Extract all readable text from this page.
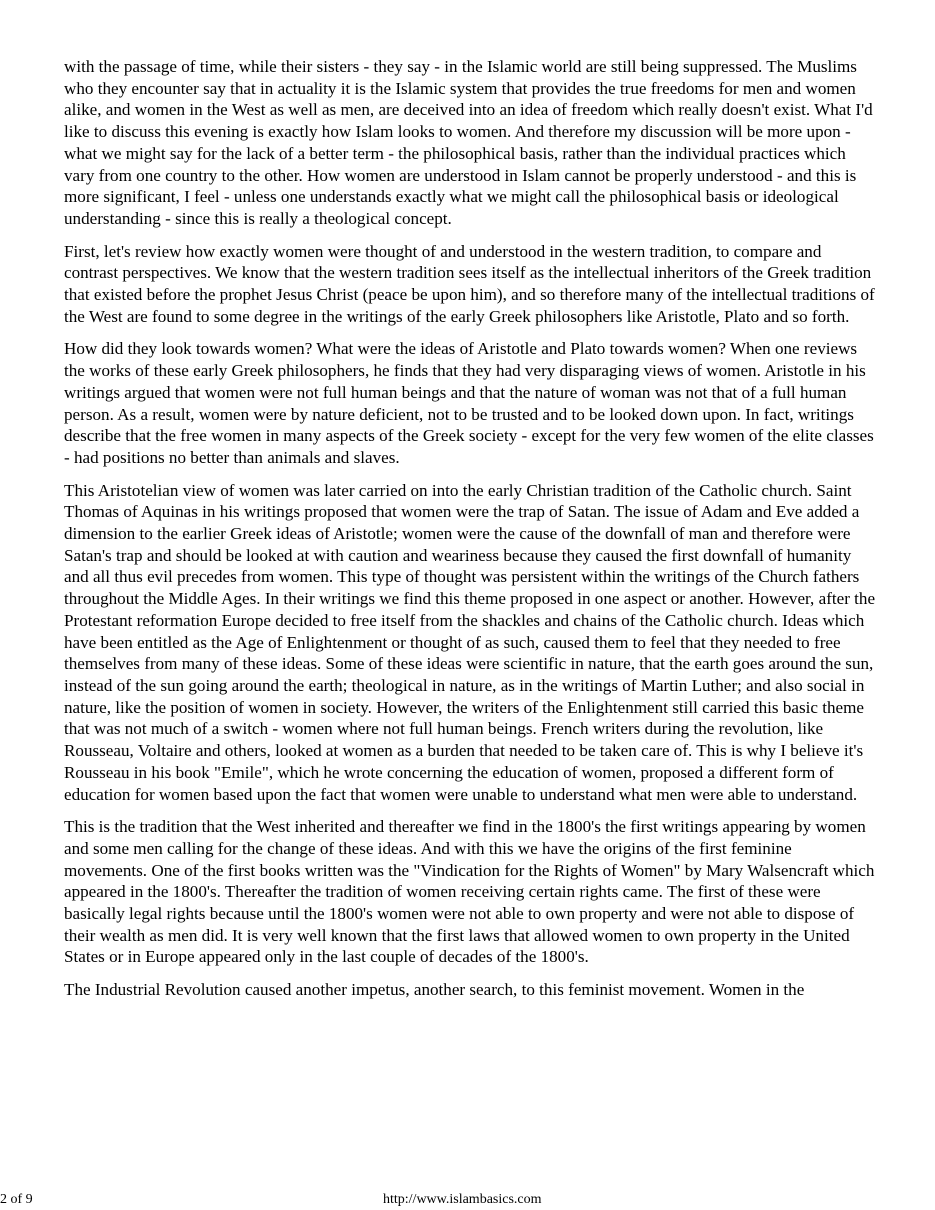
with the passage of time, while their sisters - they say - in the Islamic world are still being suppressed. The Muslims who they encounter say that in actuality it is the Islamic system that provides the true freedoms for men and women alike, and women in the West as well as men, are deceived into an idea of freedom which really doesn't exist. What I'd like to discuss this evening is exactly how Islam looks to women. And therefore my discussion will be more upon - what we might say for the lack of a better term - the philosophical basis, rather than the individual practices which vary from one country to the other. How women are understood in Islam cannot be properly understood - and this is more significant, I feel - unless one understands exactly what we might call the philosophical basis or ideological understanding - since this is really a theological concept.

First, let's review how exactly women were thought of and understood in the western tradition, to compare and contrast perspectives. We know that the western tradition sees itself as the intellectual inheritors of the Greek tradition that existed before the prophet Jesus Christ (peace be upon him), and so therefore many of the intellectual traditions of the West are found to some degree in the writings of the early Greek philosophers like Aristotle, Plato and so forth.

How did they look towards women? What were the ideas of Aristotle and Plato towards women? When one reviews the works of these early Greek philosophers, he finds that they had very disparaging views of women. Aristotle in his writings argued that women were not full human beings and that the nature of woman was not that of a full human person. As a result, women were by nature deficient, not to be trusted and to be looked down upon. In fact, writings describe that the free women in many aspects of the Greek society - except for the very few women of the elite classes - had positions no better than animals and slaves.

This Aristotelian view of women was later carried on into the early Christian tradition of the Catholic church. Saint Thomas of Aquinas in his writings proposed that women were the trap of Satan. The issue of Adam and Eve added a dimension to the earlier Greek ideas of Aristotle; women were the cause of the downfall of man and therefore were Satan's trap and should be looked at with caution and weariness because they caused the first downfall of humanity and all thus evil precedes from women. This type of thought was persistent within the writings of the Church fathers throughout the Middle Ages. In their writings we find this theme proposed in one aspect or another. However, after the Protestant reformation Europe decided to free itself from the shackles and chains of the Catholic church. Ideas which have been entitled as the Age of Enlightenment or thought of as such, caused them to feel that they needed to free themselves from many of these ideas. Some of these ideas were scientific in nature, that the earth goes around the sun, instead of the sun going around the earth; theological in nature, as in the writings of Martin Luther; and also social in nature, like the position of women in society. However, the writers of the Enlightenment still carried this basic theme that was not much of a switch - women where not full human beings. French writers during the revolution, like Rousseau, Voltaire and others, looked at women as a burden that needed to be taken care of. This is why I believe it's Rousseau in his book "Emile", which he wrote concerning the education of women, proposed a different form of education for women based upon the fact that women were unable to understand what men were able to understand.

This is the tradition that the West inherited and thereafter we find in the 1800's the first writings appearing by women and some men calling for the change of these ideas. And with this we have the origins of the first feminine movements. One of the first books written was the "Vindication for the Rights of Women" by Mary Walsencraft which appeared in the 1800's. Thereafter the tradition of women receiving certain rights came. The first of these were basically legal rights because until the 1800's women were not able to own property and were not able to dispose of their wealth as men did. It is very well known that the first laws that allowed women to own property in the United States or in Europe appeared only in the last couple of decades of the 1800's.

The Industrial Revolution caused another impetus, another search, to this feminist movement. Women in the

2 of 9	http://www.islambasics.com
